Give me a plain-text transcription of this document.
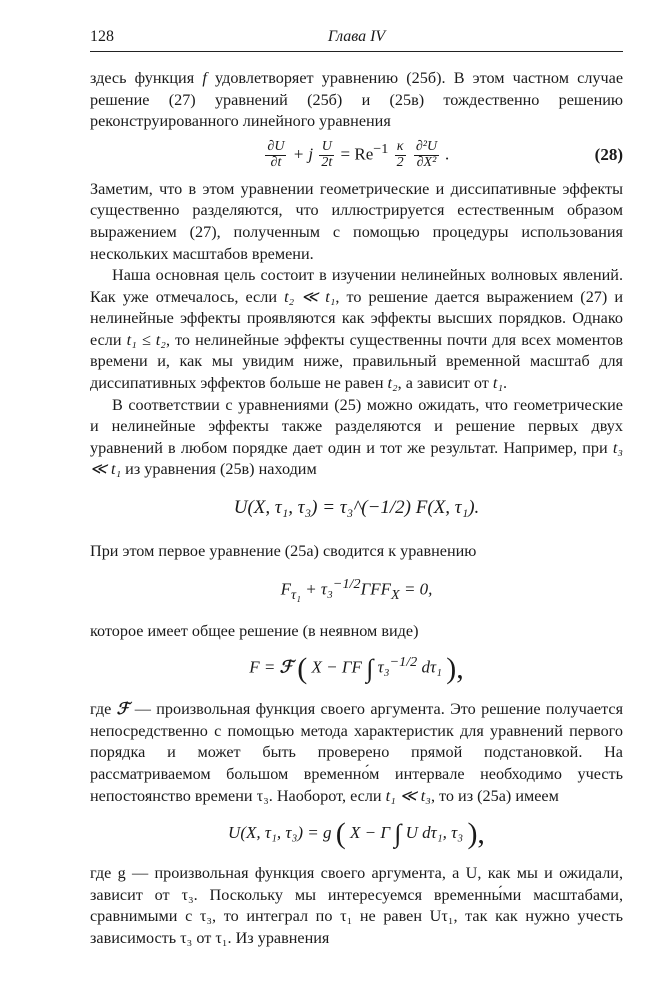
128	Глава IV

здесь функция f удовлетворяет уравнению (25б). В этом частном случае решение (27) уравнений (25б) и (25в) тождественно решению реконструированного линейного уравнения

$\frac{\partial U}{\partial t} + j \frac{U}{2t} = Re^{-1} \frac{\kappa}{2}$
$\frac{\text{∂²U}}{\text{∂X²}}$ .	(28)

Заметим, что в этом уравнении геометрические и диссипативные эффекты существенно разделяются, что иллюстрируется естественным образом выражением (27), полученным с помощью процедуры использования нескольких масштабов времени.

Наша основная цель состоит в изучении нелинейных волновых явлений. Как уже отмечалось, если t₂ ≪ t₁, то решение дается выражением (27) и нелинейные эффекты проявляются как эффекты высших порядков. Однако если t₁ ≤ t₂, то нелинейные эффекты существенны почти для всех моментов времени и, как мы увидим ниже, правильный временной масштаб для диссипативных эффектов больше не равен t₂, а зависит от t₁.

В соответствии с уравнениями (25) можно ожидать, что геометрические и нелинейные эффекты также разделяются и решение первых двух уравнений в любом порядке дает один и тот же результат. Например, при t₃ ≪ t₁ из уравнения (25в) находим

U(X, τ₁, τ₃) = τ₃^(−1/2) F(X, τ₁).

При этом первое уравнение (25а) сводится к уравнению

$F_{\tau_1} + \tau_3^{-1/2}\Gamma FF_X = 0$,

которое имеет общее решение (в неявном виде)

F = ℱ ( X − ΓF ∫ τ₃$^{-1/2}$ dτ₁ ),

где ℱ — произвольная функция своего аргумента. Это решение получается непосредственно с помощью метода характеристик для уравнений первого порядка и может быть проверено прямой подстановкой. На рассматриваемом большом временно́м интервале необходимо учесть непостоянство времени τ₃. Наоборот, если t₁ ≪ t₃, то из (25а) имеем

U(X, τ₁, τ₃) = g ( X − Γ ∫ U dτ₁, τ₃ ),

где g — произвольная функция своего аргумента, а U, как мы и ожидали, зависит от τ₃. Поскольку мы интересуемся временны́ми масштабами, сравнимыми с τ₃, то интеграл по τ₁ не равен Uτ₁, так как нужно учесть зависимость τ₃ от τ₁. Из уравнения
